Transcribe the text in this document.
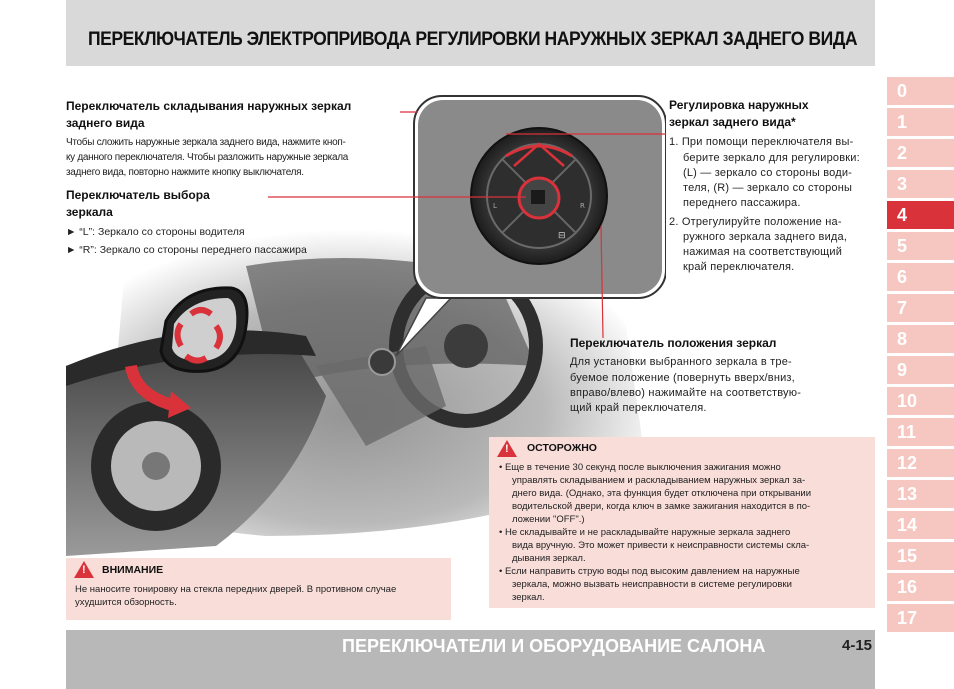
ПЕРЕКЛЮЧАТЕЛЬ ЭЛЕКТРОПРИВОДА РЕГУЛИРОВКИ НАРУЖНЫХ ЗЕРКАЛ ЗАДНЕГО ВИДА
⊟
L	R
Переключатель складывания наружных зеркал
заднего вида
Чтобы сложить наружные зеркала заднего вида, нажмите кноп-
ку данного переключателя. Чтобы разложить наружные зеркала
заднего вида, повторно нажмите кнопку выключателя.
Переключатель выбора
зеркала
► “L”: Зеркало со стороны водителя
► “R”: Зеркало со стороны переднего пассажира
Регулировка наружных
зеркал заднего вида*
1. При помощи переключателя вы-
берите зеркало для регулировки:
(L) — зеркало со стороны води-
теля, (R) — зеркало со стороны
переднего пассажира.
2. Отрегулируйте положение на-
ружного зеркала заднего вида,
нажимая на соответствующий
край переключателя.
Переключатель положения зеркал
Для установки выбранного зеркала в тре-
буемое положение (повернуть вверх/вниз,
вправо/влево) нажимайте на соответствую-
щий край переключателя.
! ОСТОРОЖНО
• Еще в течение 30 секунд после выключения зажигания можно
управлять складыванием и раскладыванием наружных зеркал за-
днего вида. (Однако, эта функция будет отключена при открывании
водительской двери, когда ключ в замке зажигания находится в по-
ложении "OFF".)
• Не складывайте и не раскладывайте наружные зеркала заднего
вида вручную. Это может привести к неисправности системы скла-
дывания зеркал.
• Если направить струю воды под высоким давлением на наружные
зеркала, можно вызвать неисправности в системе регулировки
зеркал.
! ВНИМАНИЕ
Не наносите тонировку на стекла передних дверей. В противном случае
ухудшится обзорность.
0
1
2
3
4
5
6
7
8
9
10
11
12
13
14
15
16
17
ПЕРЕКЛЮЧАТЕЛИ И ОБОРУДОВАНИЕ САЛОНА	4-15
